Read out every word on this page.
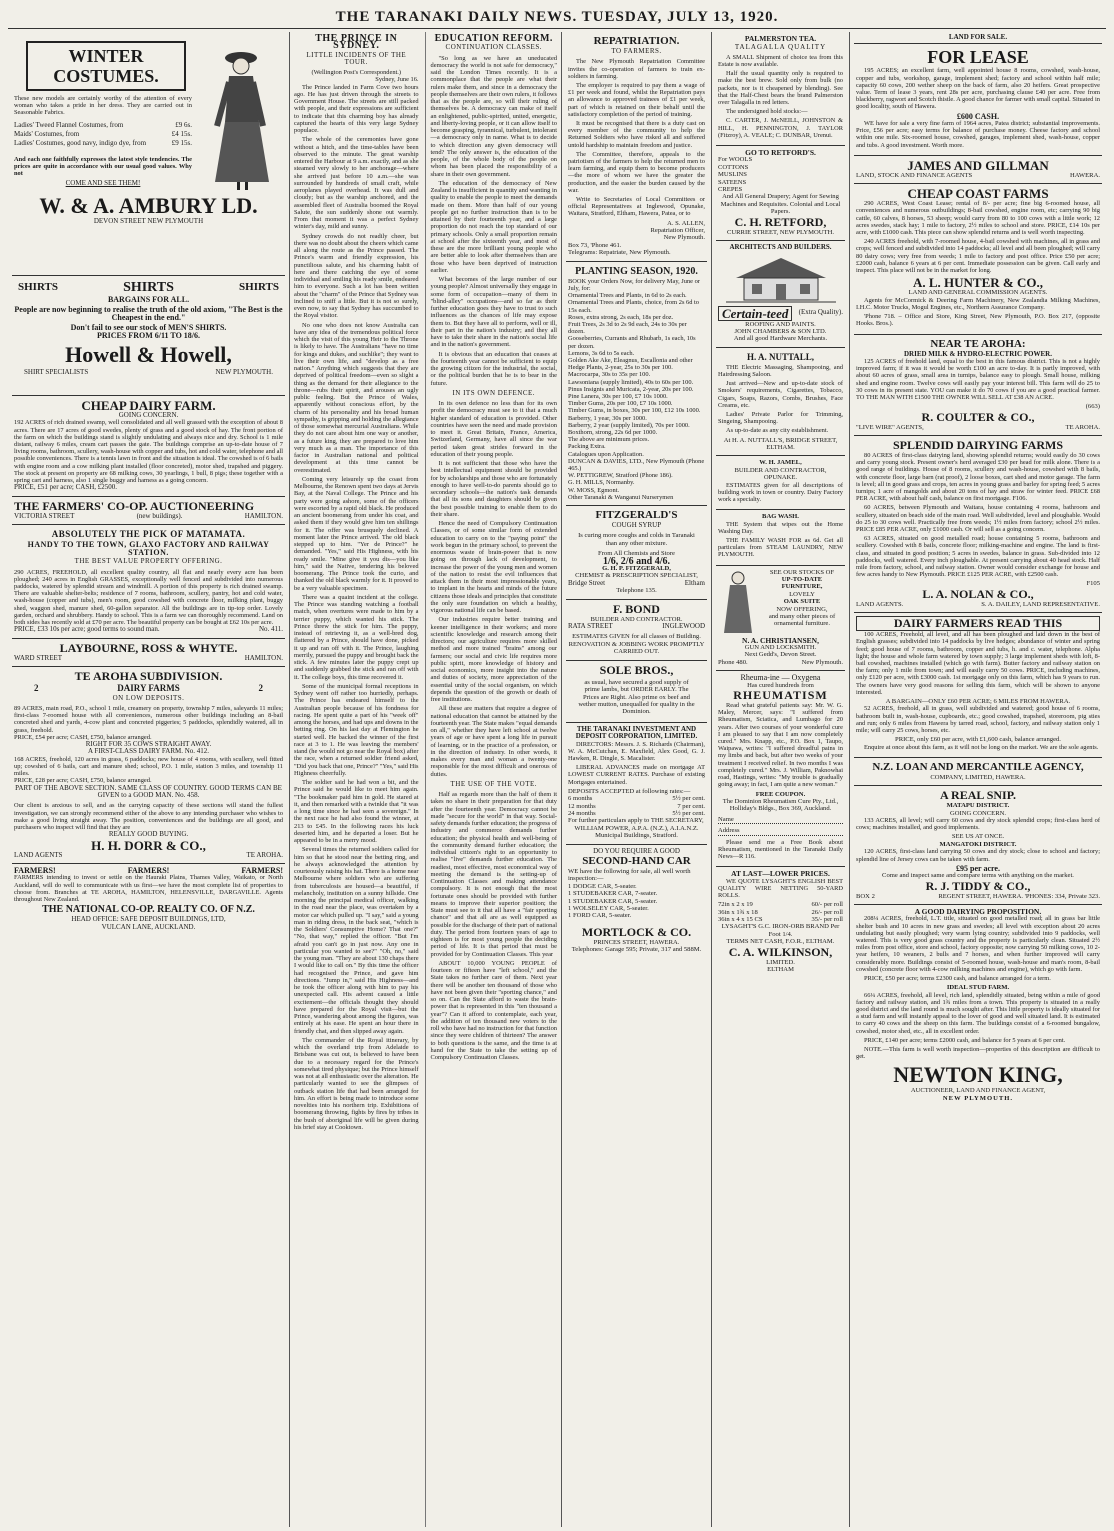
THE TARANAKI DAILY NEWS. TUESDAY, JULY 13, 1920.
WINTER COSTUMES.
These new models are certainly worthy of the attention of every woman who takes a pride in her dress. They are carried out in Seasonable Fabrics.
Ladies' Tweed Flannel Costumes, from	£9 6s.
Maids' Costumes, from	£4 15s.
Ladies' Costumes, good navy, indigo dye, from	£9 15s.
And each one faithfully expresses the latest style tendencies. The prices are quite in accordance with our usual good values. Why not
COME AND SEE THEM!
W. & A. AMBURY LD.
DEVON STREET NEW PLYMOUTH
SHIRTS	SHIRTS	SHIRTS
BARGAINS FOR ALL.
People are now beginning to realise the truth of the old axiom, "The Best is the Cheapest in the end."
Don't fail to see our stock of MEN'S SHIRTS.
PRICES FROM 6/11 TO 18/6.
Howell & Howell,
SHIRT SPECIALISTS	NEW PLYMOUTH.
CHEAP DAIRY FARM.
GOING CONCERN.
192 ACRES of rich drained swamp, well consolidated and all well grassed with the exception of about 8 acres. There are 17 acres of good swedes, plenty of grass and a good stock of hay. The front portion of the farm on which the buildings stand is slightly undulating and always nice and dry. School is 1 mile distant, railway 6 miles, cream cart passes the gate. The buildings comprise an up-to-date house of 7 living rooms, bathroom, scullery, wash-house with copper and tubs, hot and cold water, telephone and all possible conveniences. There is a tennis lawn in front and the situation is ideal. The cowshed is of 6 bails with engine room and a cow milking plant installed (floor concreted), motor shed, trapshed and piggery. The stock at present on property are 68 milking cows, 30 yearlings, 1 bull, 8 pigs; these together with a spring cart and harness, also 1 single buggy and harness as a going concern.
PRICE, £51 per acre; CASH, £2500.
THE FARMERS' CO-OP. AUCTIONEERING
VICTORIA STREET	(new buildings).	HAMILTON.
ABSOLUTELY THE PICK OF MATAMATA.
HANDY TO THE TOWN, GLAXO FACTORY AND RAILWAY STATION.
THE BEST VALUE PROPERTY OFFERING.
290 ACRES, FREEHOLD, all excellent quality country, all flat and nearly every acre has been ploughed; 240 acres in English GRASSES, exceptionally well fenced and subdivided into numerous paddocks, watered by splendid stream and windmill. A portion of this property is rich drained swamp. There are valuable shelter-belts; residence of 7 rooms, bathroom, scullery, pantry, hot and cold water, wash-house (copper and tubs), men's room, good cowshed with concrete floor, milking plant, buggy shed, waggon shed, manure shed, 60-gallon separator. All the buildings are in tip-top order. Lovely garden, orchard and shrubbery. Handy to school. This is a farm we can thoroughly recommend. Land on both sides has recently sold at £70 per acre. The beautiful property can be bought at £62 10s per acre.
PRICE, £33 10s per acre; good terms to sound man.	No. 411.
LAYBOURNE, ROSS & WHYTE.
WARD STREET	HAMILTON.
TE AROHA SUBDIVISION.
2	DAIRY FARMS	2
ON LOW DEPOSITS.
89 ACRES, main road, P.O., school 1 mile, creamery on property, township 7 miles, saleyards 11 miles; first-class 7-roomed house with all conveniences, numerous other buildings including an 8-bail concreted shed and yards, 4-cow plant and concreted piggeries; 5 paddocks, splendidly watered, all in grass, freehold.
PRICE, £54 per acre; CASH, £750, balance arranged.
RIGHT FOR 35 COWS STRAIGHT AWAY.
A FIRST-CLASS DAIRY FARM. No. 412.
168 ACRES, freehold, 120 acres in grass, 6 paddocks; new house of 4 rooms, with scullery, well fitted up; cowshed of 6 bails, cart and manure shed; school, P.O. 1 mile, station 3 miles, and township 11 miles.
PRICE, £28 per acre; CASH, £750, balance arranged.
PART OF THE ABOVE SECTION. SAME CLASS OF COUNTRY. GOOD TERMS CAN BE GIVEN to a GOOD MAN. No. 458.
Our client is anxious to sell, and as the carrying capacity of these sections will stand the fullest investigation, we can strongly recommend either of the above to any intending purchaser who wishes to make a good living straight away. The position, conveniences and the buildings are all good, and purchasers who inspect will find that they are
REALLY GOOD BUYING.
H. H. DORR & CO.,
LAND AGENTS	TE AROHA.
FARMERS!	FARMERS!	FARMERS!
FARMERS intending to invest or settle on the Hauraki Plains, Thames Valley, Waikato, or North Auckland, will do well to communicate with us first—we have the most complete list of properties to choose from. Branches at TE AROHA, HAMILTON, HELENSVILLE, DARGAVILLE. Agents throughout New Zealand.
THE NATIONAL CO-OP. REALTY CO. OF N.Z.
HEAD OFFICE: SAFE DEPOSIT BUILDINGS, LTD,
VULCAN LANE, AUCKLAND.
THE PRINCE IN SYDNEY.
LITTLE INCIDENTS OF THE TOUR.
(Wellington Post's Correspondent.)
Sydney, June 16.

The Prince landed in Farm Cove two hours ago. He has just driven through the streets to Government House. The streets are still packed with people, and their expressions are sufficient to indicate that this charming boy has already captured the hearts of this very large Sydney populace.

The whole of the ceremonies have gone without a hitch, and the time-tables have been observed to the minute. The great warship entered the Harbour at 9 a.m. exactly, and as she steamed very slowly to her anchorage—where she arrived just before 10 a.m.—she was surrounded by hundreds of small craft, while aeroplanes played overhead. It was dull and cloudy; but as the warship anchored, and the assembled fleet of Australia boomed the Royal Salute, the sun suddenly shone out warmly. From that moment it was a perfect Sydney winter's day, mild and sunny.

Sydney crowds do not readily cheer, but there was no doubt about the cheers which came all along the route as the Prince passed. The Prince's warm and friendly expression, his punctilious salute, and his charming habit of here and there catching the eye of some individual and smiling his ready smile, endeared him to everyone. Such a lot has been written about the "charm" of the Prince that Sydney was inclined to sniff a little. But it is not so surely, even now, to say that Sydney has succumbed to the Royal visitor.

No one who does not know Australia can have any idea of the tremendous political force which the visit of this young Heir to the Throne is likely to have. The Australians "have no time for kings and dukes, and suchlike"; they want to live their own life, and "develop as a free nation." Anything which suggests that they are deprived of political freedom—even so slight a thing as the demand for their allegiance to the throne—rubs their spirit, and arouses an ugly public feeling. But the Prince of Wales, apparently without conscious effort, by the charm of his personality and his broad human sympathy, is gripping and holding the allegiance of those somewhat mercurial Australians. While they do not care about him one way or another, as a future king, they are prepared to love him very much as a man. The importance of this factor in Australian national and political development at this time cannot be overestimated.

Coming very leisurely up the coast from Melbourne, the Renown spent two days at Jervis Bay, at the Naval College. The Prince and his party were going ashore, some of the officers were escorted by a rapid old black. He produced an ancient boomerang from under his coat, and asked them if they would give him ten shillings for it. The offer was brusquely declined. A moment later the Prince arrived. The old black stepped up to him. "Yer de Prince?" he demanded. "Yes," said His Highness, with his ready smile. "Mine give it you dis—you like him," said the Native, tendering his beloved boomerang. The Prince took the curio, and thanked the old black warmly for it. It proved to be a very valuable specimen.

There was a quaint incident at the college. The Prince was standing watching a football match, when overtures were made to him by a terrier puppy, which wanted his stick. The Prince threw the stick for him. The puppy, instead of retrieving it, as a well-bred dog, flattered by a Prince, should have done, picked it up and ran off with it. The Prince, laughing merrily, pursued the puppy and brought back the stick. A few minutes later the puppy crept up and suddenly grabbed the stick and ran off with it. The college boys, this time recovered it.

Some of the municipal formal receptions in Sydney went off rather too hurriedly, perhaps. The Prince has endeared himself to the Australian people because of his fondness for racing. He spent quite a part of his "week off" among the horses, and had ups and downs in the betting ring. On his last day at Flemington he started well. He backed the winner of the first race at 3 to 1. He was leaving the members' stand (he would not go near the Royal box) after the race, when a returned soldier friend asked, "Did you back that one, Prince?" "Yes," said His Highness cheerfully.

The soldier said he had won a bit, and the Prince said he would like to meet him again. "The bookmaker paid him in gold. He stared at it, and then remarked with a twinkle that "it was a long time since he had seen a sovereign." In the next race he had also found the winner, at 213 to £45. In the following races his luck deserted him, and he departed a loser. But he appeared to be in a merry mood.

Several times the returned soldiers called for him so that he stood near the betting ring, and he always acknowledged the attention by courteously raising his hat. There is a home near Melbourne where soldiers who are suffering from tuberculosis are housed—a beautiful, if melancholy, institution on a sunny hillside. One morning the principal medical officer, walking in the road near the place, was overtaken by a motor car which pulled up. "I say," said a young man in riding dress, in the back seat, "which is the Soldiers' Consumptive Home? That one?" "No, that way," replied the officer. "But I'm afraid you can't go in just now. Any one in particular you wanted to see?" "Oh, no," said the young man. "They are about 130 chaps there I would like to call on." By this time the officer had recognised the Prince, and gave him directions. "Jump in," said His Highness—and he took the officer along with him to pay his unexpected call. His advent caused a little excitement—the officials thought they should have prepared for the Royal visit—but the Prince, wandering about among the figures, was entirely at his ease. He spent an hour there in friendly chat, and then slipped away again.

The commander of the Royal itinerary, by which the overland trip from Adelaide to Brisbane was cut out, is believed to have been due to a necessary regard for the Prince's somewhat tired physique; but the Prince himself was not at all enthusiastic over the alteration. He particularly wanted to see the glimpses of outback station life that had been arranged for him. An effort is being made to introduce some novelties into his northern trip. Exhibitions of boomerang throwing, fights by fires by tribes in the bush of aboriginal life will be given during his brief stay at Cooktown.

EDUCATION REFORM.
CONTINUATION CLASSES.

"So long as we have an uneducated democracy the world is not safe for democracy," said the London Times recently. It is a commonplace that the people are what their rulers make them, and since in a democracy the people themselves are their own rulers, it follows that as the people are, so will their ruling of themselves be. A democracy can make of itself an enlightened, public-spirited, united, energetic, and liberty-loving people, or it can allow itself to become grasping, tyrannical, turbulent, intolerant—a democracy only in name. What is to decide to which direction any given democracy will tend? The only answer is, the education of the people, of the whole body of the people on whom has been placed the responsibility of a share in their own government.

The education of the democracy of New Zealand is insufficient in quantity and wanting in quality to enable the people to meet the demands made on them. More than half of our young people get no further instruction than is to be attained by their fourteenth year, and a large proportion do not reach the top standard of our primary schools. Only a small proportion remain at school after the sixteenth year, and most of these are the more brilliant young people who are better able to look after themselves than are those who have been deprived of instruction earlier.

What becomes of the large number of our young people? Almost universally they engage in some form of occupation—many of them in "blind-alley" occupations—and so far as their further education goes they have to trust to such influences as the chances of life may expose them to. But they have all to perform, well or ill, their part in the nation's industry; and they all have to take their share in the nation's social life and in the nation's government.

It is obvious that an education that ceases at the fourteenth year cannot be sufficient to equip the growing citizen for the industrial, the social, or the political burden that he is to bear in the future.

IN ITS OWN DEFENCE.

In its own defence no less than for its own profit the democracy must see to it that a much higher standard of education is provided. Other countries have seen the need and made provision to meet it. Great Britain, France, America, Switzerland, Germany, have all since the war period taken great strides forward in the education of their young people.

It is not sufficient that those who have the best intellectual equipment should be provided for by scholarships and those who are fortunately enough to have well-to-do parents should go to secondary schools—the nation's task demands that all its sons and daughters should be given the best possible training to enable them to do their share.

Hence the need of Compulsory Continuation Classes, or of some similar form of extended education to carry on to the "paying point" the work begun in the primary school, to prevent the enormous waste of brain-power that is now going on through lack of development, to increase the power of the young men and women of the nation to resist the evil influences that attack them in their most impressionable years, to implant in the hearts and minds of the future citizens those ideals and principles that constitute the only sure foundation on which a healthy, vigorous national life can be based.

Our industries require better training and keener intelligence in their workers; and more scientific knowledge and research among their directors; our agriculture requires more skilled method and more trained "brains" among our farmers; our social and civic life requires more public spirit, more knowledge of history and social economics, more insight into the nature and duties of society, more appreciation of the essential unity of the social organism, on which depends the question of the growth or death of free institutions.

All these are matters that require a degree of national education that cannot be attained by the fourteenth year. The State makes "equal demands on all," whether they have left school at twelve years of age or have spent a long life in pursuit of learning, or in the practice of a profession, or in the direction of industry. In other words, it makes every man and woman a twenty-one responsible for the most difficult and onerous of duties.

THE USE OF THE VOTE.

Half as regards more than the half of them it takes no share in their preparation for that duty after the fourteenth year. Democracy cannot be made "secure for the world" in that way. Social-safety demands further education; the progress of industry and commerce demands further education; the physical health and well-being of the community demand further education; the individual citizen's right to an opportunity to realise "live" demands further education. The readiest, most effective, most economical way of meeting the demand is the setting-up of Continuation Classes and making attendance compulsory. It is not enough that the most fortunate ones should be provided with further means to improve their superior position; the State must see to it that all have a "fair sporting chance" and that all are as well equipped as possible for the discharge of their part of national duty. The period from fourteen years of age to eighteen is for most young people the deciding period of life. It is that period that must be provided for by Continuation Classes. This year

ABOUT 10,000 YOUNG PEOPLE of fourteen or fifteen have "left school," and the State takes no further care of them. Next year there will be another ten thousand of those who have not been given their "sporting chance," and so on. Can the State afford to waste the brain-power that is represented in this "ten thousand a year"? Can it afford to contemplate, each year, the addition of ten thousand new voters to the roll who have had no instruction for that function since they were children of thirteen? The answer to both questions is the same, and the time is at hand for the State to take the setting up of Compulsory Continuation Classes.

REPATRIATION.
TO FARMERS.

The New Plymouth Repatriation Committee invites the co-operation of farmers to train ex-soldiers in farming.

The employer is required to pay them a wage of £1 per week and found, whilst the Repatriation pays an allowance to approved trainees of £1 per week, part of which is retained on their behalf until the satisfactory completion of the period of training.

It must be recognised that there is a duty cast on every member of the community to help the Returned Soldiers who have risked all and suffered untold hardship to maintain freedom and justice.

The Committee, therefore, appeals to the patriotism of the farmers to help the returned men to learn farming, and equip them to become producers—the more of whom we have the greater the production, and the easier the burden caused by the war.

Write to Secretaries of Local Committees or official Representatives at Inglewood, Opunake, Waitara, Stratford, Eltham, Hawera, Patea, or to

A. S. ALLEN,
Repatriation Officer,
New Plymouth.
Box 73, 'Phone 461.
Telegrams: Repatriate, New Plymouth.
PLANTING SEASON, 1920.
BOOK your Orders Now, for delivery May, June or July, for:
Ornamental Trees and Plants, in 6d to 2s each.
Ornamental Trees and Plants, choice, from 2s 6d to 15s each.
Roses, extra strong, 2s each, 18s per doz.
Fruit Trees, 2s 3d to 2s 9d each, 24s to 30s per dozen.
Gooseberries, Currants and Rhubarb, 1s each, 10s per dozen.
Lemons, 3s 6d to 5s each.
Golden Ake Ake, Eleagnus, Escallonia and other Hedge Plants, 2-year, 25s to 30s per 100.
Macrocarpa, 30s to 35s per 100.
Lawsoniana (supply limited), 40s to 60s per 100.
Pinus Insignis and Muricata, 2-year, 20s per 100.
Pine Lanera, 30s per 100, £7 10s 1000.
Timber Gums, 20s per 100, £7 10s 1000.
Timber Gums, in boxes, 30s per 100, £12 10s 1000.
Barberry, 1 year, 30s per 1000.
Barberry, 2 year (supply limited), 70s per 1000.
Boxthorn, strong, 22s 6d per 1000.
The above are minimum prices.
Packing Extra.
Catalogues upon Application.
DUNCAN & DAVIES, LTD., New Plymouth (Phone 465.)
W. PETTIGREW, Stratford (Phone 186).
G. H. MILLS, Normanby.
W. MOSS, Egmont.
Other Taranaki & Wanganui Nurserymen
FITZGERALD'S
COUGH SYRUP
Is curing more coughs and colds in Taranaki than any other mixture.
From All Chemists and Store
1/6, 2/6 and 4/6.
G. H. P. FITZGERALD,
CHEMIST & PRESCRIPTION SPECIALIST,
Bridge Street	Eltham
Telephone 135.
F. BOND
BUILDER AND CONTRACTOR.
RATA STREET	INGLEWOOD
ESTIMATES GIVEN for all classes of Building.
RENOVATION & JOBBING WORK PROMPTLY CARRIED OUT.
SOLE BROS.,
as usual, have secured a good supply of prime lambs, but ORDER EARLY. The Prices are Right. Also prime ox beef and wether mutton, unequalled for quality in the Dominion.
THE TARANAKI INVESTMENT AND DEPOSIT CORPORATION, LIMITED.

DIRECTORS: Messrs. J. S. Richards (Chairman), W. A. McCutchan, E. Maxfield, Alex Good, G. J. Hawken, R. Dingle, S. Macalister.

LIBERAL ADVANCES made on mortgage AT LOWEST CURRENT RATES. Purchase of existing Mortgages entertained.

DEPOSITS ACCEPTED at following rates:—
6 months	5½ per cent.
12 months	7 per cent.
24 months	5½ per cent.
For further particulars apply to THE SECRETARY,
WILLIAM POWER, A.P.A. (N.Z.), A.I.A.N.Z.
Municipal Buildings, Stratford.
DO YOU REQUIRE A GOOD
SECOND-HAND CAR
WE have the following for sale, all well worth inspection:—
1 DODGE CAR, 5-seater.
1 STUDEBAKER CAR, 7-seater.
1 STUDEBAKER CAR, 5-seater.
1 WOLSELEY CAR, 5-seater.
1 FORD CAR, 5-seater.
MORTLOCK & CO.
PRINCES STREET, HAWERA.
Telephones: Garage 595; Private, 317 and 588M.
PALMERSTON TEA.
TALAGALLA QUALITY

A SMALL Shipment of choice tea from this Estate is now available.

Half the usual quantity only is required to make the best brew. Sold only from bulk (no packets, nor is it cheapened by blending). See that the Half-Chest bears the brand Palmerston over Talagalla in red letters.

The undersigned hold stocks:—

C. CARTER, J. McNEILL, JOHNSTON & HILL, H. PENNINGTON, J. TAYLOR (Fitzroy), A. VEALE; C. DUNBAR, Urenui.

GO TO RETFORD'S.
For WOOLS
COTTONS
MUSLINS
SATEENS
CREPES
And All General Drapery; Agent for Sewing Machines and Requisites. Colonial and Local Papers.
C. H. RETFORD,
CURRIE STREET, NEW PLYMOUTH.
ARCHITECTS AND BUILDERS.
Certain-teed	(Extra Quality).
ROOFING AND PAINTS.
JOHN CHAMBERS & SON LTD.
And all good Hardware Merchants.
H. A. NUTTALL,

THE Electric Massaging, Shampooing, and Hairdressing Saloon.

Just arrived—New and up-to-date stock of Smokers' requirements, Cigarettes, Tobacco, Cigars, Soaps, Razors, Combs, Brushes, Face Creams, etc.

Ladies' Private Parlor for Trimming, Singeing, Shampooing.

As up-to-date as any city establishment.

At H. A. NUTTALL'S, BRIDGE STREET, ELTHAM.
W. H. JAMEL,
BUILDER AND CONTRACTOR, OPUNAKE.

ESTIMATES given for all descriptions of building work in town or country. Dairy Factory work a specialty.

BAG WASH.

THE System that wipes out the Home Washing Day.

THE FAMILY WASH FOR as 6d. Get all particulars from STEAM LAUNDRY, NEW PLYMOUTH.

SEE OUR STOCKS OF
UP-TO-DATE
FURNITURE,
LOVELY
OAK SUITE
NOW OFFERING,
and many other pieces of ornamental furniture.
N. A. CHRISTIANSEN,
GUN AND LOCKSMITH.
Next Gedd's, Devon Street.
Phone 480.	New Plymouth.
Rheuma-ine — Oxygena
Has cured hundreds from
RHEUMATISM

Read what grateful patients say: Mr. W. G. Maley, Mercer, says: "I suffered from Rheumatism, Sciatica, and Lumbago for 20 years. After two courses of your wonderful cure I am pleased to say that I am now completely cured." Mrs. Knapp, etc., P.O. Box 1, Taupo, Waipawa, writes: "I suffered dreadful pains in my limbs and back, but after two weeks of your treatment I received relief. In two months I was completely cured." Mrs. J. William, Paknowhai road, Hastings, writes: "My trouble is gradually going away; in fact, I am quite a new woman."

FREE COUPON.
The Dominion Rheumatism Cure Pty., Ltd., Holliday's Bldgs., Box 369, Auckland.
Name
Address

Please send me a Free Book about Rheumatism, mentioned in the Taranaki Daily News—R 116.

AT LAST—LOWER PRICES.

WE QUOTE LYSAGHT'S ENGLISH BEST QUALITY WIRE NETTING 50-YARD ROLLS.

72in x 2 x 19	60/- per roll
36in x 1¾ x 18	26/- per roll
36in x 4 x 15 CS	35/- per roll
LYSAGHT'S G.C. IRON-ORB BRAND Per Foot 1/4.
TERMS NET CASH, F.O.R., ELTHAM.
C. A. WILKINSON,
LIMITED.
ELTHAM
LAND FOR SALE.
FOR LEASE

195 ACRES; an excellent farm, well appointed house 8 rooms, cowshed, wash-house, copper and tubs, workshop, garage, implement shed; factory and school within half mile; capacity 60 cows, 200 wether sheep on the back of farm, also 20 heifers. Great prospective value. Term of lease 3 years, rent 28s per acre, purchasing clause £40 per acre. Free from blackberry, ragwort and Scotch thistle. A good chance for farmer with small capital. Situated in good locality, south of Hawera.

£600 CASH.

WE have for sale a very fine farm of 1964 acres, Patea district; substantial improvements. Price, £56 per acre; easy terms for balance of purchase money. Cheese factory and school within one mile. Six-roomed house, cowshed, garages, implement shed, wash-house, copper and tubs. A good investment. Worth more.

JAMES AND GILLMAN
LAND, STOCK AND FINANCE AGENTS	HAWERA.
CHEAP COAST FARMS

290 ACRES, West Coast Lease; rental of 8/- per acre; fine big 6-roomed house, all conveniences and numerous outbuildings; 8-bail cowshed, engine room, etc; carrying 90 big cattle, 60 calves, 8 horses, 53 sheep; would carry from 80 to 100 cows with a little work; 12 acres swedes, stack hay; 1 mile to factory, 2½ miles to school and store. PRICE, £14 10s per acre, with £1000 cash. This piece can show splendid returns and is well worth inspecting.

240 ACRES freehold, with 7-roomed house, 4-bail cowshed with machines, all in grass and crops; well fenced and subdivided into 14 paddocks; all level and all been ploughed; will carry 80 dairy cows; very free from weeds; 1 mile to factory and post office. Price £50 per acre; £2000 cash, balance 6 years at 6 per cent. Immediate possession can be given. Call early and inspect. This place will not be in the market for long.

A. L. HUNTER & CO.,
LAND AND GENERAL COMMISSION AGENTS.

Agents for McCormick & Deering Farm Machinery, New Zealandia Milking Machines, I.H.C. Motor Trucks, Mogul Engines, etc., Northern Assurance Company.

'Phone 718. – Office and Store, King Street, New Plymouth, P.O. Box 217, (opposite Hooks. Bros.).

NEAR TE AROHA:
DRIED MILK & HYDRO-ELECTRIC POWER.

125 ACRES of freehold land, equal to the best in this famous district. This is not a highly improved farm; if it was it would be worth £100 an acre to-day. It is partly improved, with about 60 acres of grass, small area in turnips, balance easy to plough. Small house, milking shed and engine room. Twelve cows will easily pay your interest bill. This farm will do 25 to 30 cows in its present state. YOU can make it do 70 cows if you are a good practical farmer. TO THE MAN WITH £1500 THE OWNER WILL SELL AT £38 AN ACRE.

(663)
R. COULTER & CO.,
"LIVE WIRE" AGENTS,	TE AROHA.
SPLENDID DAIRYING FARMS

80 ACRES of first-class dairying land, showing splendid returns; would easily do 30 cows and carry young stock. Present owner's herd averaged £30 per head for milk alone. There is a good range of buildings. House of 8 rooms, scullery and wash-house, cowshed with 8 bails, with concrete floor, large barn (rat proof), 2 loose boxes, cart shed and motor garage. The farm is level; all in good grass and crops, ten acres in young grass and barley for spring feed; 5 acres turnips; 1 acre of mangolds and about 20 tons of hay and straw for winter feed. PRICE £68 PER ACRE, with about half cash, balance on first mortgage. F106.

60 ACRES, between Plymouth and Waitara, house containing 4 rooms, bathroom and scullery, situated on beach side of the main road. Well subdivided, level and ploughable. Would do 25 to 30 cows well. Practically free from weeds; 1½ miles from factory; school 2½ miles. PRICE £85 PER ACRE, only £1000 cash. Or will sell as a going concern.

63 ACRES, situated on good metalled road; house containing 5 rooms, bathroom and scullery. Cowshed with 8 bails, concrete floor; milking-machine and engine. The land is first-class, and situated in good position; 5 acres in swedes, balance in grass. Sub-divided into 12 paddocks, well watered. Every inch ploughable. At present carrying about 40 head stock. Half mile from factory, school, and railway station. Owner would consider exchange for house and few acres handy to New Plymouth. PRICE £125 PER ACRE, with £2500 cash.

F105
L. A. NOLAN & CO.,
LAND AGENTS.	S. A. DAILEY, LAND REPRESENTATIVE.
DAIRY FARMERS READ THIS

100 ACRES, Freehold, all level, and all has been ploughed and laid down in the best of English grasses; subdivided into 14 paddocks by live hedges; abundance of winter and spring feed; good house of 7 rooms, bathroom, copper and tubs, h. and c. water, telephone. Alpha light; the house and whole farm watered by town supply; 3 large implement sheds with loft, 8-bail cowshed, machines installed (which go with farm). Butter factory and railway station on the farm; only 1 mile from town; and will easily carry 50 cows. PRICE, including machines, only £120 per acre, with £3000 cash. 1st mortgage only on this farm, which has 9 years to run. The owners have very good reasons for selling this farm, which will be shown to anyone interested.

A BARGAIN—ONLY £60 PER ACRE; 6 MILES FROM HAWERA.

52 ACRES, freehold, all in grass, well subdivided and watered; good house of 6 rooms, bathroom built in, wash-house, cupboards, etc.; good cowshed, trapshed, storeroom, pig sties and run; only 6 miles from Hawera by tarred road, school, factory, and railway station only 1 mile; will carry 25 cows, horses, etc.

PRICE, only £60 per acre, with £1,600 cash, balance arranged.

Enquire at once about this farm, as it will not be long on the market. We are the sole agents.

N.Z. LOAN AND MERCANTILE AGENCY,
COMPANY, LIMITED, HAWERA.
A REAL SNIP.
MATAPU DISTRICT.
GOING CONCERN.

133 ACRES, all level; will carry 60 cows and dry stock splendid crops; first-class herd of cows; machines installed, and good implements.

SEE US AT ONCE.
MANGATOKI DISTRICT.

120 ACRES, first-class land carrying 50 cows and dry stock; close to school and factory; splendid line of Jersey cows can be taken with farm.

£95 per acre.
Come and inspect same and compare terms with anything on the market.
R. J. TIDDY & CO.,
BOX 2	REGENT STREET, HAWERA. 'PHONES: 334, Private 323.
A GOOD DAIRYING PROPOSITION.

208¼ ACRES, freehold, L.T. title, situated on good metalled road; all in grass bar little shelter bush and 10 acres in new grass and swedes; all level with exception about 20 acres undulating but easily ploughed; very warm lying country; subdivided into 9 paddocks, well watered. This is very good grass country and the property is particularly clean. Situated 2½ miles from post office, store and school, factory opposite; now carrying 50 milking cows, 10 2-year heifers, 10 weaners, 2 bulls and 7 horses, and when further improved will carry considerably more. Buildings consist of 5-roomed house, wash-house and man's room, 8-bail cowshed (concrete floor with 4-cow milking machines and engine), which go with farm.

PRICE, £50 per acre; terms £2300 cash, and balance arranged for a term.

IDEAL STUD FARM.

66¼ ACRES, freehold, all level, rich land, splendidly situated, being within a mile of good factory and railway station, and 1¾ miles from a town. This property is situated in a really good district and the land round is much sought after. This little property is ideally situated for a stud farm and will instantly appeal to the lover of good and well situated land. It is estimated to carry 40 cows and the sheep on this farm. The buildings consist of a 6-roomed bungalow, cowshed, motor shed, etc., all in excellent order.

PRICE, £140 per acre; terms £2000 cash, and balance for 5 years at 6 per cent.

NOTE.—This farm is well worth inspection—properties of this description are difficult to get.

NEWTON KING,
AUCTIONEER, LAND AND FINANCE AGENT,
NEW PLYMOUTH.
